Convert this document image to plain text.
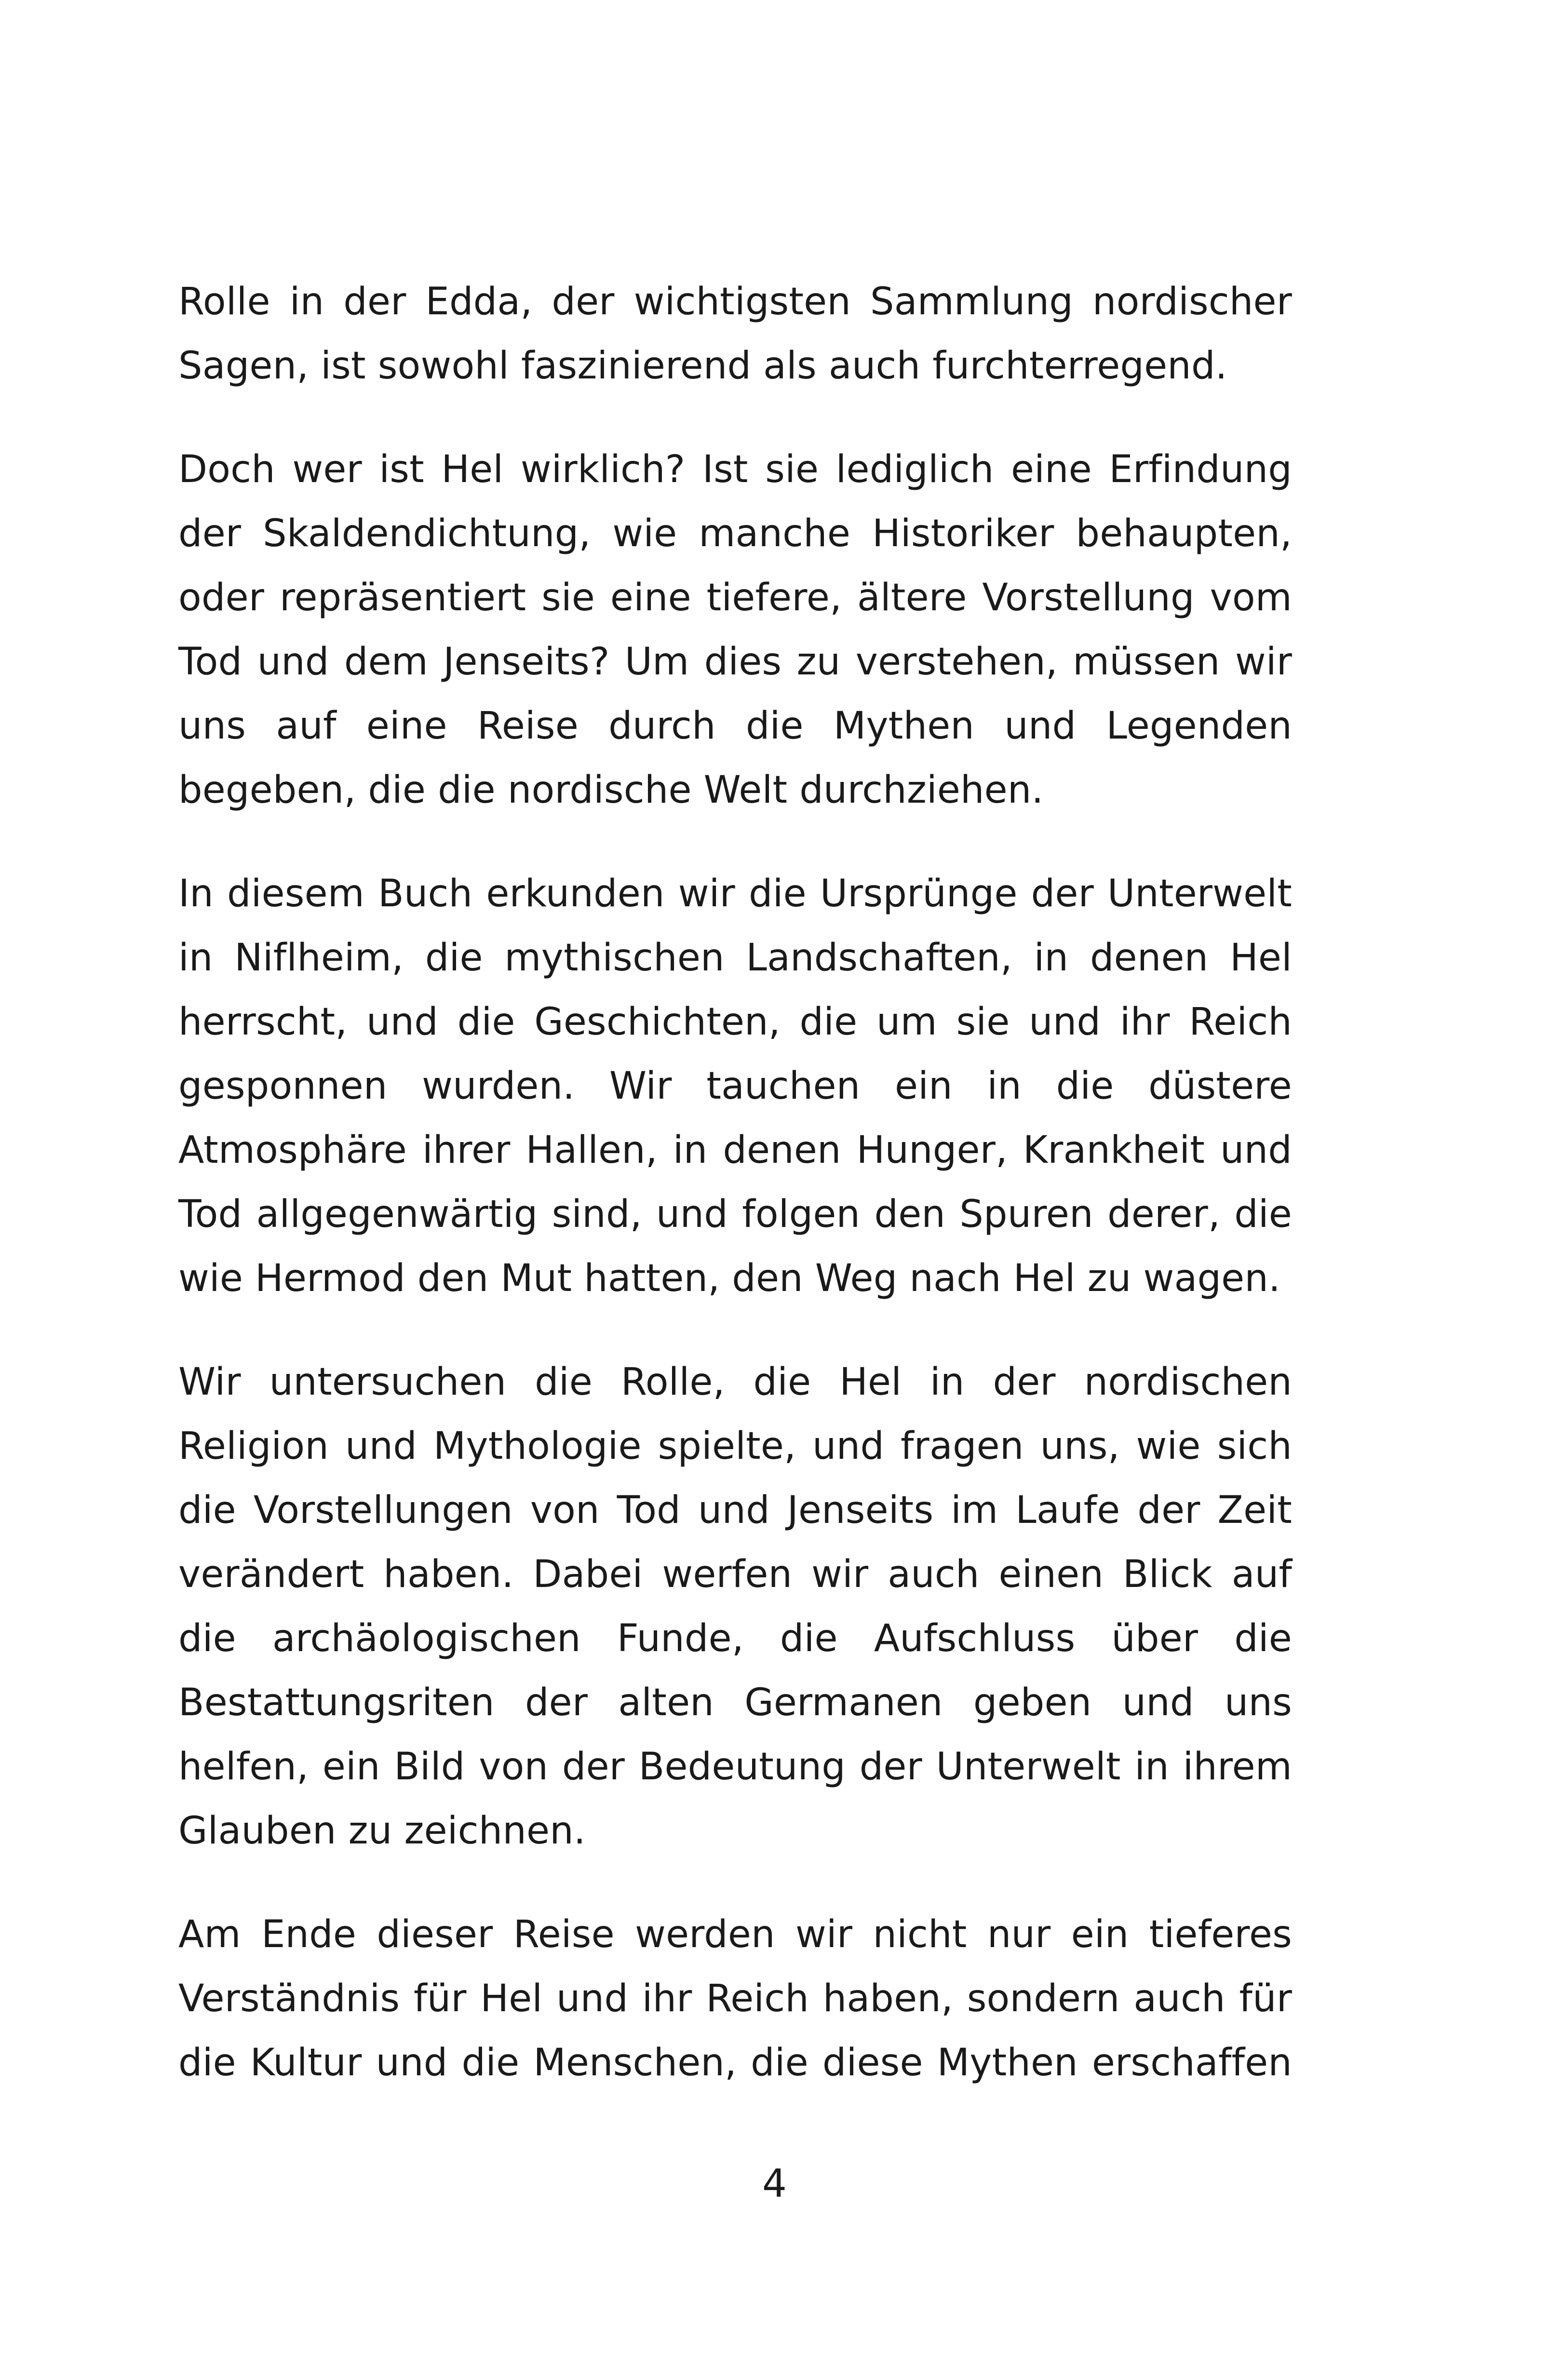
Rolle in der Edda, der wichtigsten Sammlung nordischer Sagen, ist sowohl faszinierend als auch furchterregend.

Doch wer ist Hel wirklich? Ist sie lediglich eine Erfindung der Skaldendichtung, wie manche Historiker behaupten, oder repräsentiert sie eine tiefere, ältere Vorstellung vom Tod und dem Jenseits? Um dies zu verstehen, müssen wir uns auf eine Reise durch die Mythen und Legenden begeben, die die nordische Welt durchziehen.

In diesem Buch erkunden wir die Ursprünge der Unterwelt in Niflheim, die mythischen Landschaften, in denen Hel herrscht, und die Geschichten, die um sie und ihr Reich gesponnen wurden. Wir tauchen ein in die düstere Atmosphäre ihrer Hallen, in denen Hunger, Krankheit und Tod allgegenwärtig sind, und folgen den Spuren derer, die wie Hermod den Mut hatten, den Weg nach Hel zu wagen.

Wir untersuchen die Rolle, die Hel in der nordischen Religion und Mythologie spielte, und fragen uns, wie sich die Vorstellungen von Tod und Jenseits im Laufe der Zeit verändert haben. Dabei werfen wir auch einen Blick auf die archäologischen Funde, die Aufschluss über die Bestattungsriten der alten Germanen geben und uns helfen, ein Bild von der Bedeutung der Unterwelt in ihrem Glauben zu zeichnen.

Am Ende dieser Reise werden wir nicht nur ein tieferes Verständnis für Hel und ihr Reich haben, sondern auch für die Kultur und die Menschen, die diese Mythen erschaffen

4
